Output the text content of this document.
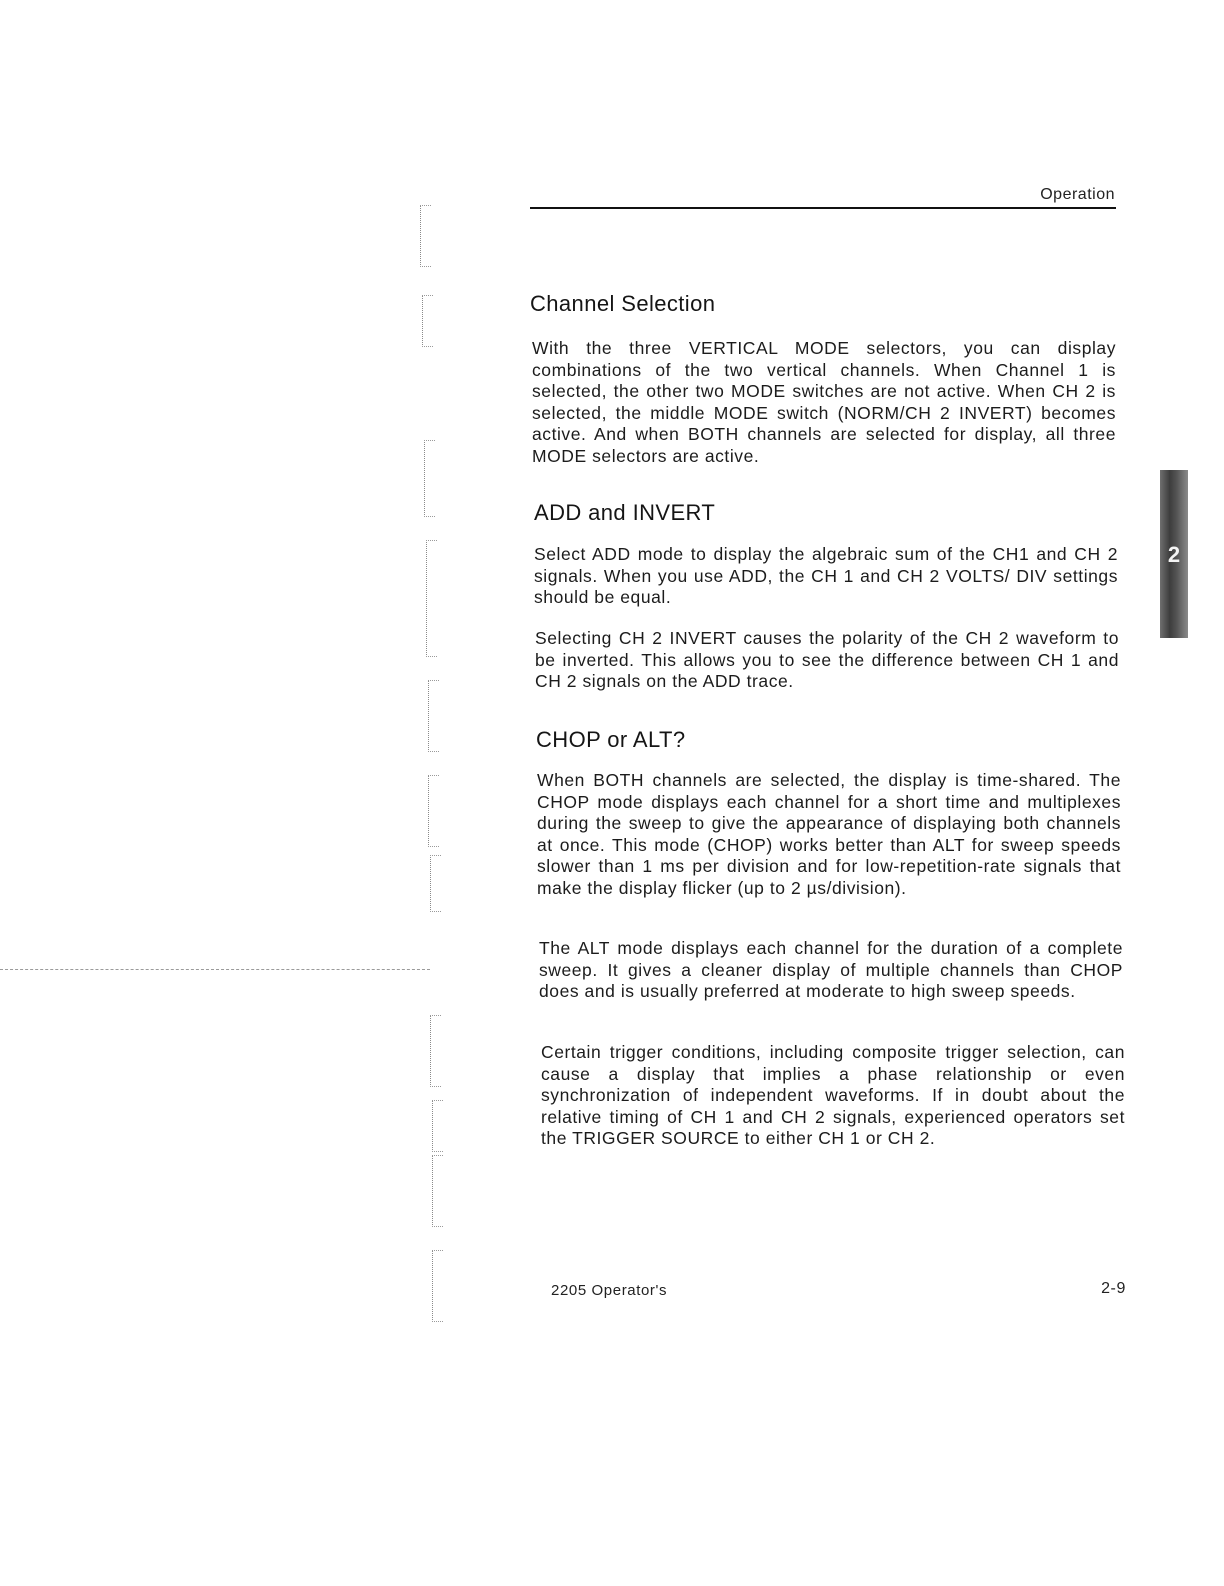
Operation
Channel Selection

With the three VERTICAL MODE selectors, you can display combinations of the two vertical channels. When Channel 1 is selected, the other two MODE switches are not active. When CH 2 is selected, the middle MODE switch (NORM/CH 2 INVERT) becomes active. And when BOTH channels are selected for display, all three MODE selectors are active.

ADD and INVERT

Select ADD mode to display the algebraic sum of the CH1 and CH 2 signals. When you use ADD, the CH 1 and CH 2 VOLTS/ DIV settings should be equal.

Selecting CH 2 INVERT causes the polarity of the CH 2 waveform to be inverted. This allows you to see the difference between CH 1 and CH 2 signals on the ADD trace.

CHOP or ALT?

When BOTH channels are selected, the display is time-shared. The CHOP mode displays each channel for a short time and multiplexes during the sweep to give the appearance of displaying both channels at once. This mode (CHOP) works better than ALT for sweep speeds slower than 1 ms per division and for low-repetition-rate signals that make the display flicker (up to 2 µs/division).

The ALT mode displays each channel for the duration of a complete sweep. It gives a cleaner display of multiple channels than CHOP does and is usually preferred at moderate to high sweep speeds.

Certain trigger conditions, including composite trigger selection, can cause a display that implies a phase relationship or even synchronization of independent waveforms. If in doubt about the relative timing of CH 1 and CH 2 signals, experienced operators set the TRIGGER SOURCE to either CH 1 or CH 2.

2
2205 Operator's	2-9
